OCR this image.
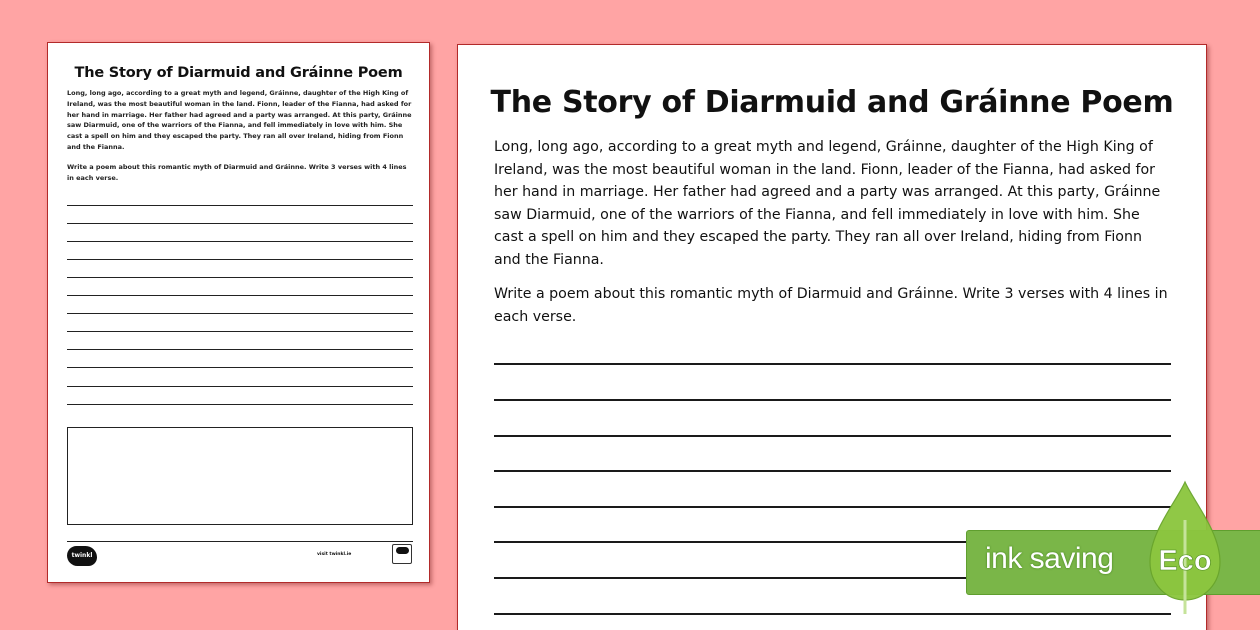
The Story of Diarmuid and Gráinne Poem
Long, long ago, according to a great myth and legend, Gráinne, daughter of the High King of Ireland, was the most beautiful woman in the land. Fionn, leader of the Fianna, had asked for her hand in marriage. Her father had agreed and a party was arranged. At this party, Gráinne saw Diarmuid, one of the warriors of the Fianna, and fell immediately in love with him. She cast a spell on him and they escaped the party. They ran all over Ireland, hiding from Fionn and the Fianna.
Write a poem about this romantic myth of Diarmuid and Gráinne. Write 3 verses with 4 lines in each verse.
twinkl	visit twinkl.ie
The Story of Diarmuid and Gráinne Poem
Long, long ago, according to a great myth and legend, Gráinne, daughter of the High King of Ireland, was the most beautiful woman in the land. Fionn, leader of the Fianna, had asked for her hand in marriage. Her father had agreed and a party was arranged. At this party, Gráinne saw Diarmuid, one of the warriors of the Fianna, and fell immediately in love with him. She cast a spell on him and they escaped the party. They ran all over Ireland, hiding from Fionn and the Fianna.
Write a poem about this romantic myth of Diarmuid and Gráinne. Write 3 verses with 4 lines in each verse.
ink saving Eco
